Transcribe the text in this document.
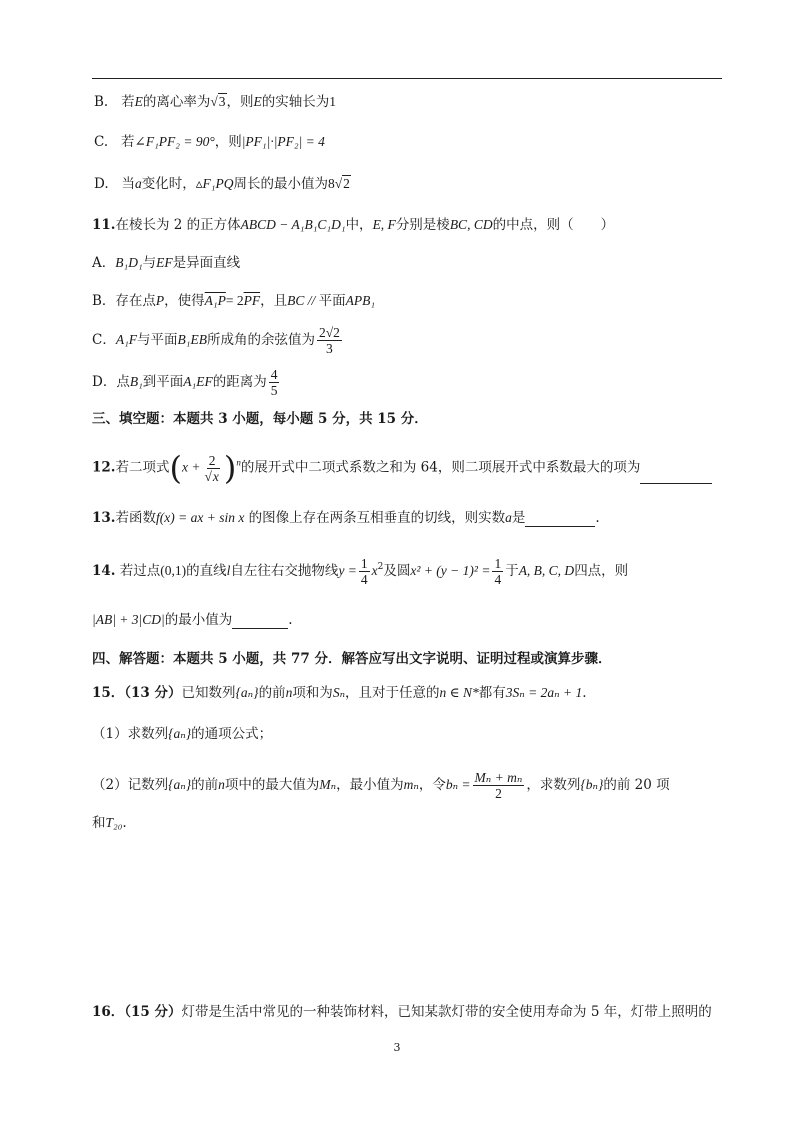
B. 若E的离心率为√3，则E的实轴长为1
C. 若∠F₁PF₂ = 90°，则|PF₁|·|PF₂| = 4
D. 当a变化时，▵F₁PQ周长的最小值为8√2
11.在棱长为 2 的正方体ABCD − A₁B₁C₁D₁中，E, F分别是棱BC, CD的中点，则（　　）
A．B₁D₁与EF是异面直线
B．存在点P，使得$A_1P= 2\overline{PF}$，且BC // 平面APB₁
C．A₁F与平面B₁EB所成角的余弦值为 $\frac{2√2}{3}$
D．点B₁到平面A₁EF的距离为 $\frac{4}{5}$
三、填空题：本题共 3 小题，每小题 5 分，共 15 分．
12.若二项式$(x + \frac{2}{√x} )^n$的展开式中二项式系数之和为 64，则二项展开式中系数最大的项为
13.若函数f(x) = ax + sin x 的图像上存在两条互相垂直的切线，则实数a是	.
14. 若过点(0,1)的直线l自左往右交抛物线$y = \frac{1}{4} x^2$及圆$x^2 + (y - 1)^2 = \frac{1}{4}$ 于A, B, C, D四点，则
|AB| + 3|CD|的最小值为	.
四、解答题：本题共 5 小题，共 77 分．解答应写出文字说明、证明过程或演算步骤．
15．（13 分）已知数列{aₙ}的前n项和为Sₙ，且对于任意的n ∈ N*都有3Sₙ = 2aₙ + 1.
（1）求数列{aₙ}的通项公式；
（2）记数列{aₙ}的前n项中的最大值为Mₙ，最小值为mₙ，令$b_n = \frac{\text{Mₙ + mₙ}}{2}$ ，求数列{bₙ}的前 20 项
和T₂₀.
16．（15 分）灯带是生活中常见的一种装饰材料，已知某款灯带的安全使用寿命为 5 年，灯带上照明的
3
